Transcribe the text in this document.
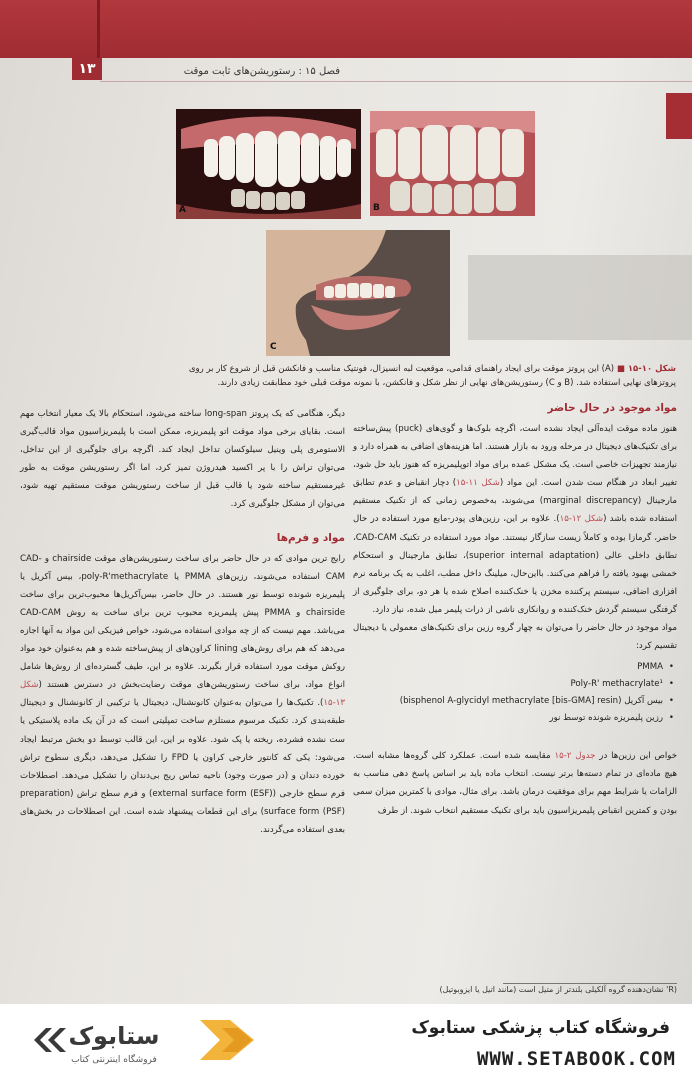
۱۳	فصل ۱۵ : رستوریشن‌های ثابت موقت
A	B
C
شکل ۱۰-۱۵ ■ (A) این پروتز موقت برای ایجاد راهنمای قدامی، موقعیت لبه انسیزال، فونتیک مناسب و فانکشن قبل از شروع کار بر روی پروتزهای نهایی استفاده شد. (B و C) رستوریشن‌های نهایی از نظر شکل و فانکشن، با نمونه موقت قبلی خود مطابقت زیادی دارند.
مواد موجود در حال حاضر

هنوز ماده موقت ایده‌آلی ایجاد نشده است، اگرچه بلوک‌ها و گوی‌های (puck) پیش‌ساخته برای تکنیک‌های دیجیتال در مرحله ورود به بازار هستند. اما هزینه‌های اضافی به همراه دارد و نیازمند تجهیزات خاصی است. یک مشکل عمده برای مواد اتوپلیمریزه که هنوز باید حل شود، تغییر ابعاد در هنگام ست شدن است. این مواد (شکل ۱۱-۱۵) دچار انقباض و عدم تطابق مارجینال (marginal discrepancy) می‌شوند، به‌خصوص زمانی که از تکنیک مستقیم استفاده شده باشد (شکل ۱۲-۱۵). علاوه بر این، رزین‌های پودر-مایع مورد استفاده در حال حاضر، گرمازا بوده و کاملاً زیست سازگار نیستند. مواد مورد استفاده در تکنیک CAD-CAM، تطابق داخلی عالی (superior internal adaptation)، تطابق مارجینال و استحکام خمشی بهبود یافته را فراهم می‌کنند. بااین‌حال، میلینگ داخل مطب، اغلب به یک برنامه نرم افزاری اضافی، سیستم پرکننده مخزن یا خنک‌کننده اصلاح شده یا هر دو، برای جلوگیری از گرفتگی سیستم گردش خنک‌کننده و روانکاری ناشی از ذرات پلیمر میل شده، نیاز دارد.

مواد موجود در حال حاضر را می‌توان به چهار گروه رزین برای تکنیک‌های معمولی یا دیجیتال تقسیم کرد:

• PMMA
• Poly-R' methacrylate¹
• بیس آکریل (bisphenol A-glycidyl methacrylate [bis-GMA] resin)
• رزین پلیمریزه شونده توسط نور

خواص این رزین‌ها در جدول ۲-۱۵ مقایسه شده است. عملکرد کلی گروه‌ها مشابه است. هیچ ماده‌ای در تمام دسته‌ها برتر نیست. انتخاب ماده باید بر اساس پاسخ دهی مناسب به الزامات یا شرایط مهم برای موفقیت درمان باشد. برای مثال، موادی با کمترین میزان سمی بودن و کمترین انقباض پلیمریزاسیون باید برای تکنیک مستقیم انتخاب شوند. از طرف

دیگر، هنگامی که یک پروتز long-span ساخته می‌شود، استحکام بالا یک معیار انتخاب مهم است. بقایای برخی مواد موقت اتو پلیمریزه، ممکن است با پلیمریزاسیون مواد قالب‌گیری الاستومری پلی وینیل سیلوکسان تداخل ایجاد کند. اگرچه برای جلوگیری از این تداخل، می‌توان تراش را با پر اکسید هیدروژن تمیز کرد، اما اگر رستوریشن موقت به طور غیرمستقیم ساخته شود یا قالب قبل از ساخت رستوریشن موقت مستقیم تهیه شود، می‌توان از مشکل جلوگیری کرد.

مواد و فرم‌ها

رایج ترین موادی که در حال حاضر برای ساخت رستوریشن‌های موقت chairside و CAD-CAM استفاده می‌شوند، رزین‌های PMMA یا poly-R'methacrylate، بیس آکریل یا پلیمریزه شونده توسط نور هستند. در حال حاضر، بیس‌آکریل‌ها محبوب‌ترین برای ساخت chairside و PMMA پیش پلیمریزه محبوب ترین برای ساخت به روش CAD-CAM می‌باشد. مهم نیست که از چه موادی استفاده می‌شود، خواص فیزیکی این مواد به آنها اجازه می‌دهد که هم برای روش‌های lining کراون‌های از پیش‌ساخته شده و هم به‌عنوان خود مواد روکش موقت مورد استفاده قرار بگیرند. علاوه بر این، طیف گسترده‌ای از روش‌ها شامل انواع مواد، برای ساخت رستوریشن‌های موقت رضایت‌بخش در دسترس هستند (شکل ۱۳-۱۵). تکنیک‌ها را می‌توان به‌عنوان کانونشنال، دیجیتال یا ترکیبی از کانونشنال و دیجیتال طبقه‌بندی کرد. تکنیک مرسوم مستلزم ساخت تمپلیتی است که در آن یک ماده پلاستیکی یا ست نشده فشرده، ریخته یا پک شود. علاوه بر این، این قالب توسط دو بخش مرتبط ایجاد می‌شود: یکی که کانتور خارجی کراون یا FPD را تشکیل می‌دهد، دیگری سطوح تراش خورده دندان و (در صورت وجود) ناحیه تماس ریج بی‌دندان را تشکیل می‌دهد. اصطلاحات فرم سطح خارجی (external surface form (ESF)) و فرم سطح تراش (preparation surface form (PSF)) برای این قطعات پیشنهاد شده است. این اصطلاحات در بخش‌های بعدی استفاده می‌گردند.

(R' نشان‌دهنده گروه آلکیلی بلندتر از متیل است (مانند اتیل یا ایزوبوتیل)
ستابوک
فروشگاه اینترنتی کتاب
فروشگاه کتاب پزشکی ستابوک
WWW.SETABOOK.COM
